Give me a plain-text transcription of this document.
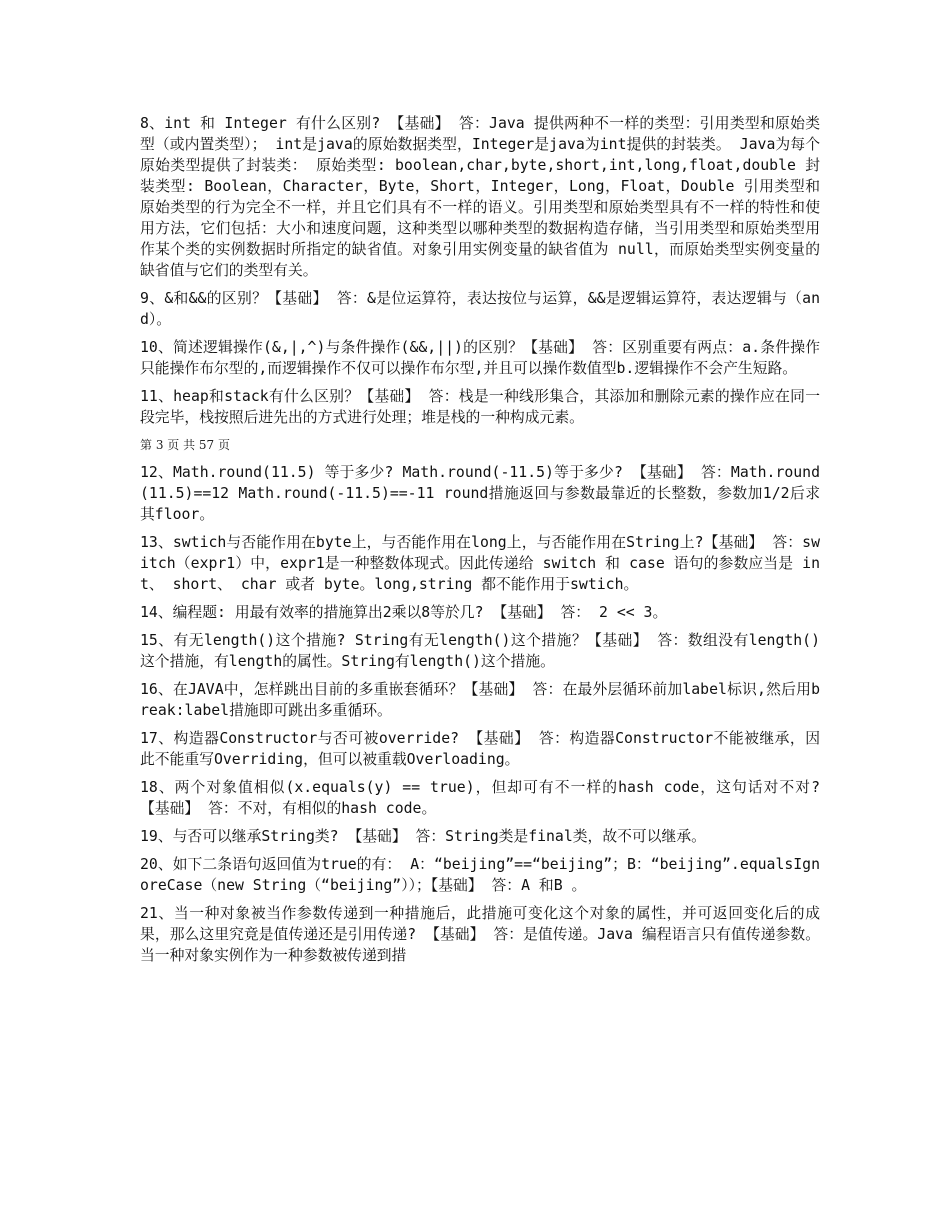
8、int 和 Integer 有什么区别? 【基础】 答：Java 提供两种不一样的类型：引用类型和原始类型（或内置类型）； int是java的原始数据类型，Integer是java为int提供的封装类。 Java为每个原始类型提供了封装类： 原始类型: boolean,char,byte,short,int,long,float,double 封装类型: Boolean，Character，Byte，Short，Integer，Long，Float，Double 引用类型和原始类型的行为完全不一样，并且它们具有不一样的语义。引用类型和原始类型具有不一样的特性和使用方法，它们包括：大小和速度问题，这种类型以哪种类型的数据构造存储，当引用类型和原始类型用作某个类的实例数据时所指定的缺省值。对象引用实例变量的缺省值为 null，而原始类型实例变量的缺省值与它们的类型有关。

9、&和&&的区别？【基础】 答：&是位运算符，表达按位与运算，&&是逻辑运算符，表达逻辑与（and）。

10、简述逻辑操作(&,|,^)与条件操作(&&,||)的区别？【基础】 答：区别重要有两点：a.条件操作只能操作布尔型的,而逻辑操作不仅可以操作布尔型,并且可以操作数值型b.逻辑操作不会产生短路。

11、heap和stack有什么区别？【基础】 答：栈是一种线形集合，其添加和删除元素的操作应在同一段完毕，栈按照后进先出的方式进行处理；堆是栈的一种构成元素。

第 3 页 共 57 页

12、Math.round(11.5) 等于多少? Math.round(-11.5)等于多少? 【基础】 答：Math.round(11.5)==12 Math.round(-11.5)==-11 round措施返回与参数最靠近的长整数，参数加1/2后求其floor。

13、swtich与否能作用在byte上，与否能作用在long上，与否能作用在String上?【基础】 答：switch（expr1）中，expr1是一种整数体现式。因此传递给 switch 和 case 语句的参数应当是 int、 short、 char 或者 byte。long,string 都不能作用于swtich。

14、编程题: 用最有效率的措施算出2乘以8等於几? 【基础】 答： 2 << 3。

15、有无length()这个措施? String有无length()这个措施？【基础】 答：数组没有length()这个措施，有length的属性。String有length()这个措施。

16、在JAVA中，怎样跳出目前的多重嵌套循环？【基础】 答：在最外层循环前加label标识,然后用break:label措施即可跳出多重循环。

17、构造器Constructor与否可被override? 【基础】 答：构造器Constructor不能被继承，因此不能重写Overriding，但可以被重载Overloading。

18、两个对象值相似(x.equals(y) == true)，但却可有不一样的hash code，这句话对不对? 【基础】 答：不对，有相似的hash code。

19、与否可以继承String类? 【基础】 答：String类是final类，故不可以继承。

20、如下二条语句返回值为true的有： A：“beijing”==“beijing”；B：“beijing”.equalsIgnoreCase（new String（“beijing”））；【基础】 答：A 和B 。

21、当一种对象被当作参数传递到一种措施后，此措施可变化这个对象的属性，并可返回变化后的成果，那么这里究竟是值传递还是引用传递? 【基础】 答：是值传递。Java 编程语言只有值传递参数。当一种对象实例作为一种参数被传递到措
